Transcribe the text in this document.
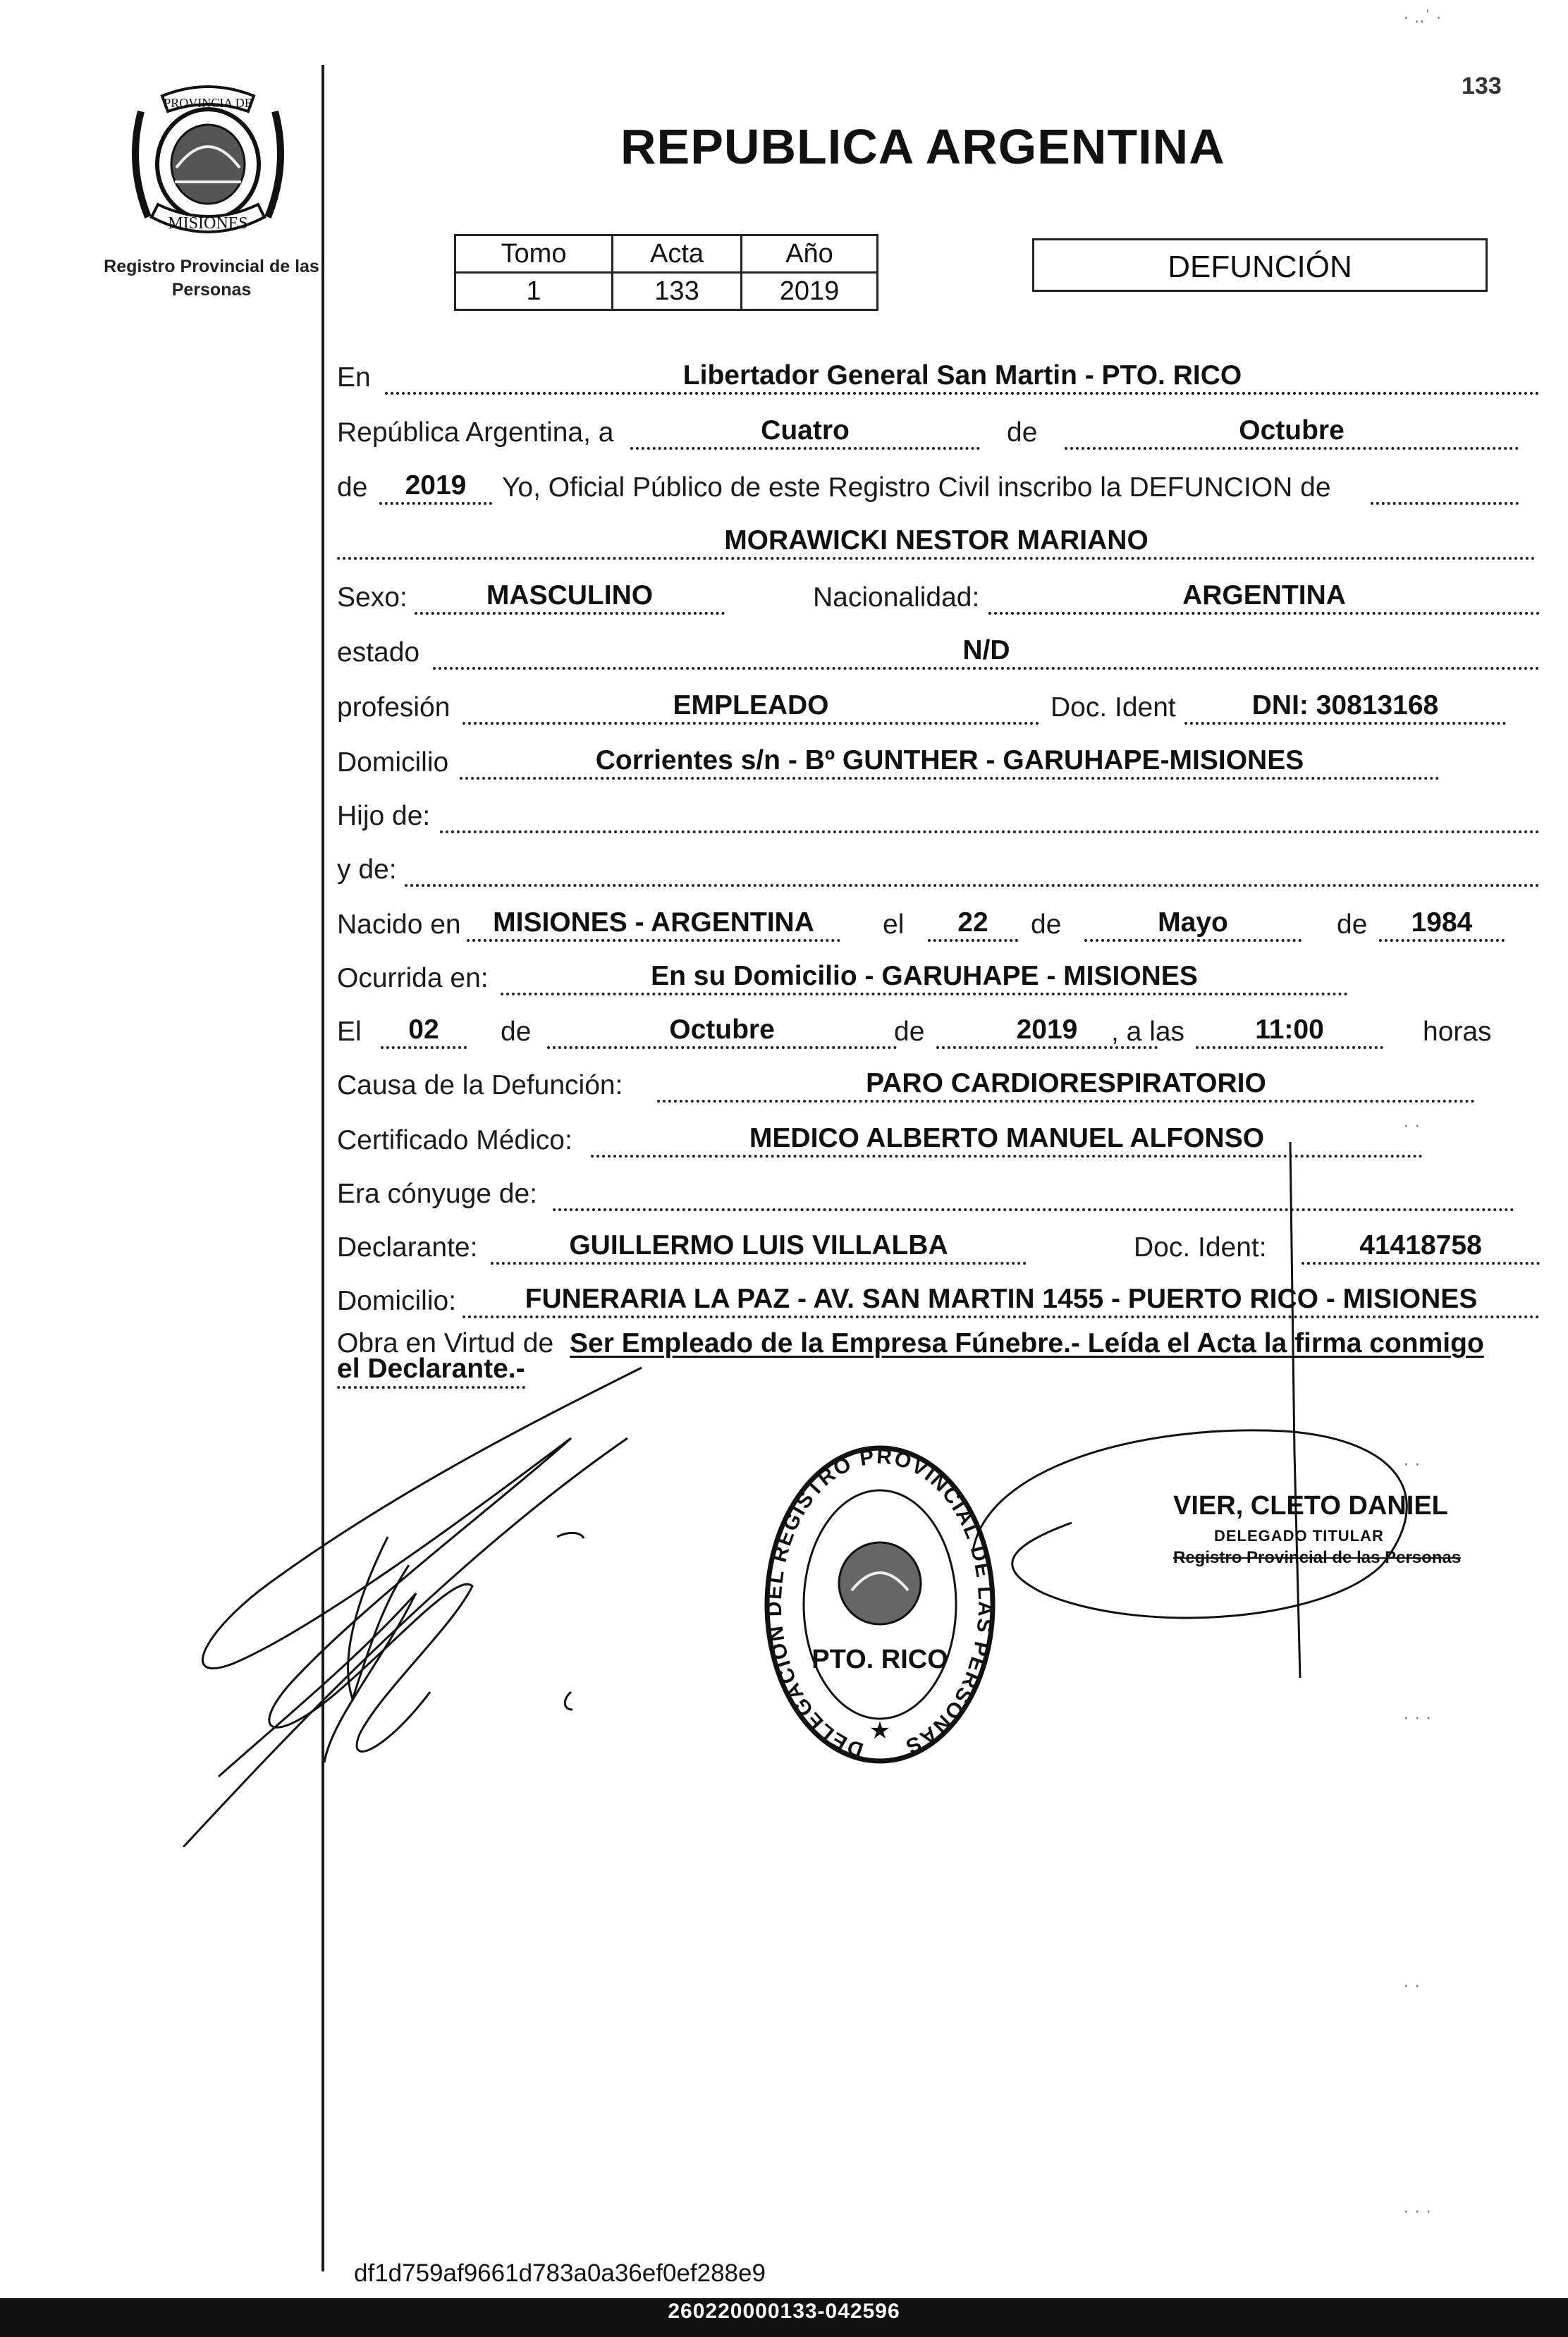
PROVINCIA DE
MISIONES
Registro Provincial de las Personas
133
REPUBLICA ARGENTINA
Tomo	Acta	Año
1	133	2019
DEFUNCIÓN
En	Libertador General San Martin - PTO. RICO
República Argentina, a	Cuatro	de	Octubre
de	2019	Yo, Oficial Público de este Registro Civil inscribo la DEFUNCION de
MORAWICKI NESTOR MARIANO
Sexo:	MASCULINO	Nacionalidad:	ARGENTINA
estado	N/D
profesión	EMPLEADO	Doc. Ident	DNI: 30813168
Domicilio	Corrientes s/n - Bº GUNTHER - GARUHAPE-MISIONES
Hijo de:
y de:
Nacido en	MISIONES - ARGENTINA	el	22	de	Mayo	de	1984
Ocurrida en:	En su Domicilio - GARUHAPE - MISIONES
El	02	de	Octubre	de	2019	, a las	11:00	horas
Causa de la Defunción:	PARO CARDIORESPIRATORIO
Certificado Médico:	MEDICO ALBERTO MANUEL ALFONSO
Era cónyuge de:
Declarante:	GUILLERMO LUIS VILLALBA	Doc. Ident:	41418758
Domicilio:	FUNERARIA LA PAZ - AV. SAN MARTIN 1455 - PUERTO RICO - MISIONES
Obra en Virtud de Ser Empleado de la Empresa Fúnebre.- Leída el Acta la firma conmigo
el Declarante.-
DELEGACION DEL REGISTRO PROVINCIAL DE LAS PERSONAS
PTO. RICO
★
VIER, CLETO DANIEL
DELEGADO TITULAR
Registro Provincial de las Personas
· ..ˈ ·
· ·
· ·
· · ·
· ·
· · ·
df1d759af9661d783a0a36ef0ef288e9
260220000133-042596
